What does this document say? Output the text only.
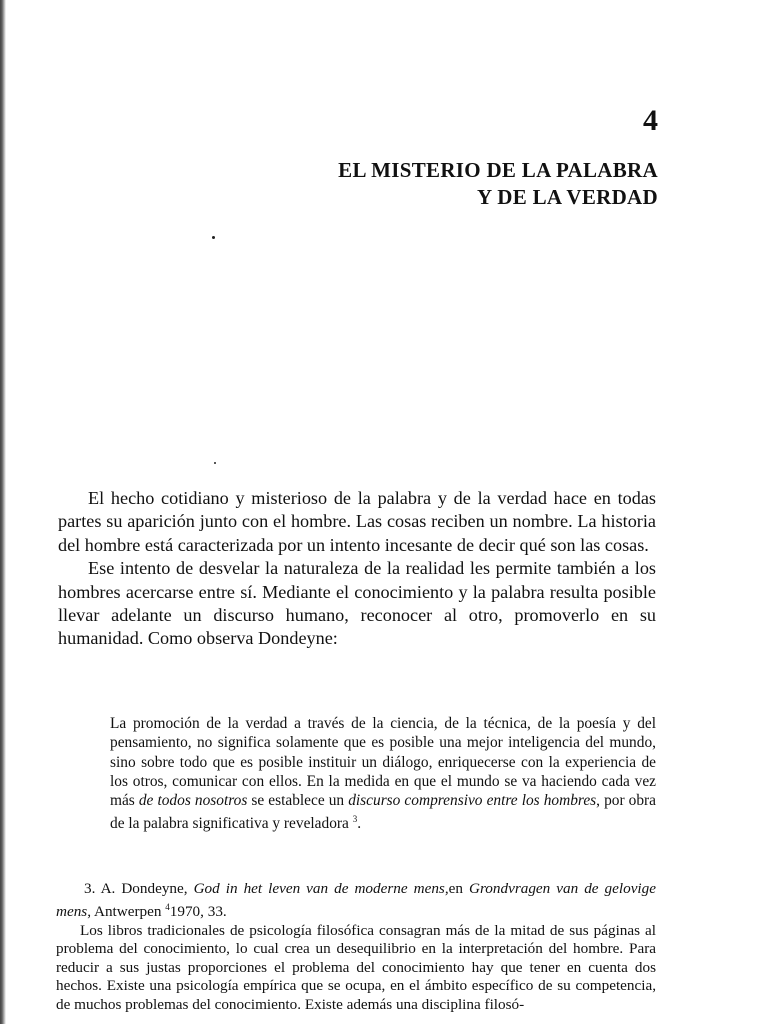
4
EL MISTERIO DE LA PALABRA
Y DE LA VERDAD

El hecho cotidiano y misterioso de la palabra y de la verdad hace en todas partes su aparición junto con el hombre. Las cosas reciben un nombre. La historia del hombre está caracterizada por un intento incesante de decir qué son las cosas.

Ese intento de desvelar la naturaleza de la realidad les permite también a los hombres acercarse entre sí. Mediante el conocimiento y la palabra resulta posible llevar adelante un discurso humano, reconocer al otro, promoverlo en su humanidad. Como observa Dondeyne:

La promoción de la verdad a través de la ciencia, de la técnica, de la poesía y del pensamiento, no significa solamente que es posible una mejor inteligencia del mundo, sino sobre todo que es posible instituir un diálogo, enriquecerse con la experiencia de los otros, comunicar con ellos. En la medida en que el mundo se va haciendo cada vez más de todos nosotros se establece un discurso comprensivo entre los hombres, por obra de la palabra significativa y reveladora $^3$.

3. A. Dondeyne, God in het leven van de moderne mens,en Grondvragen van de gelovige mens, Antwerpen $^4$1970, 33.

Los libros tradicionales de psicología filosófica consagran más de la mitad de sus páginas al problema del conocimiento, lo cual crea un desequilibrio en la interpretación del hombre. Para reducir a sus justas proporciones el problema del conocimiento hay que tener en cuenta dos hechos. Existe una psicología empírica que se ocupa, en el ámbito específico de su competencia, de muchos problemas del conocimiento. Existe además una disciplina filosó-
